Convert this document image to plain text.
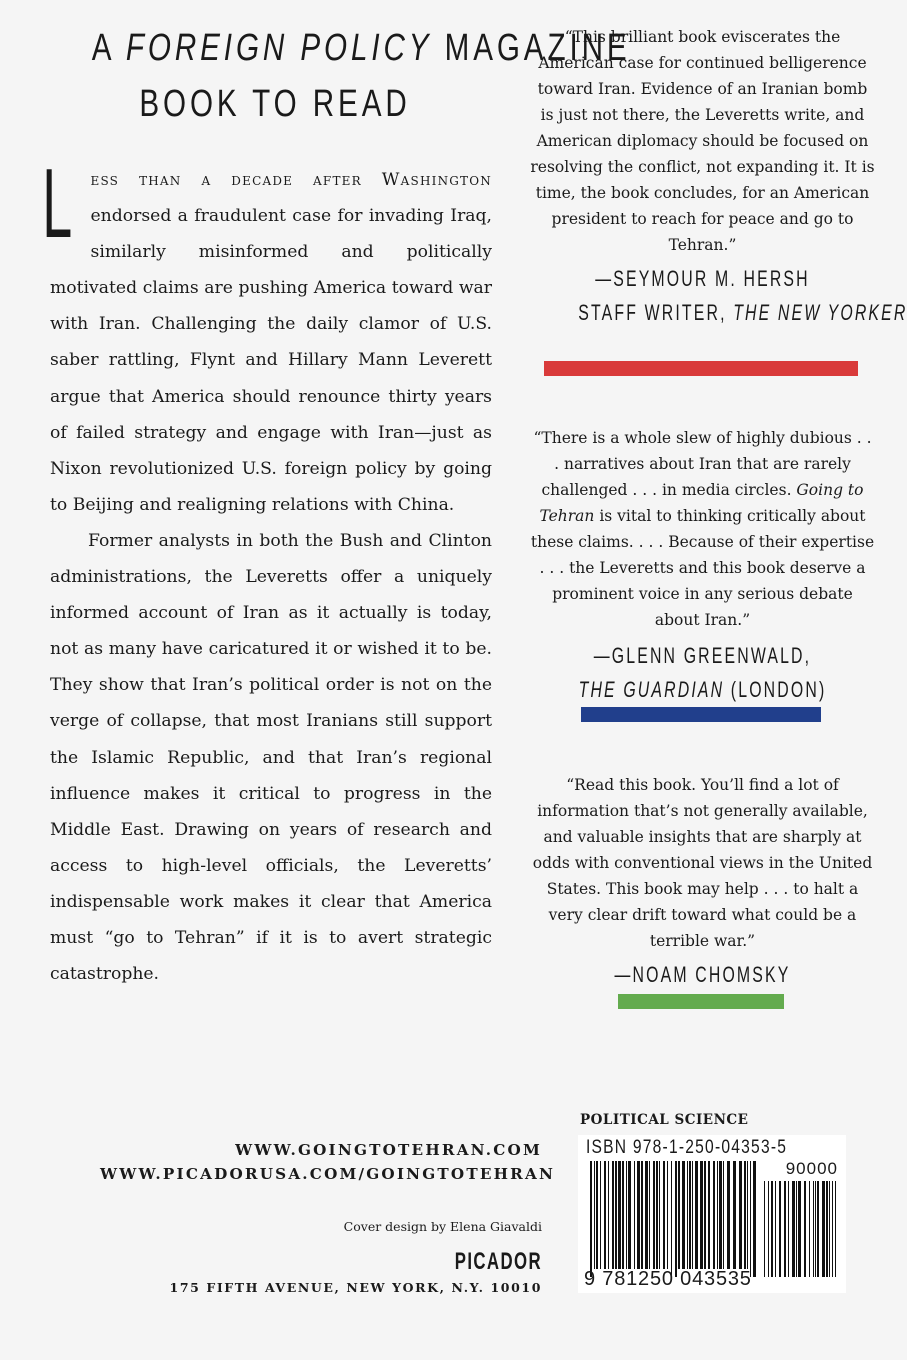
A FOREIGN POLICY MAGAZINE
BOOK TO READ

L ess than a decade after Washington endorsed a fraudulent case for invading Iraq, similarly misinformed and politically motivated claims are pushing America toward war with Iran. Challenging the daily clamor of U.S. saber rattling, Flynt and Hillary Mann Leverett argue that America should renounce thirty years of failed strategy and engage with Iran—just as Nixon revolutionized U.S. foreign policy by going to Beijing and realigning relations with China.

Former analysts in both the Bush and Clinton administrations, the Leveretts offer a uniquely informed account of Iran as it actually is today, not as many have caricatured it or wished it to be. They show that Iran’s political order is not on the verge of collapse, that most Iranians still support the Islamic Republic, and that Iran’s regional influence makes it critical to progress in the Middle East. Drawing on years of research and access to high-level officials, the Leveretts’ indispensable work makes it clear that America must “go to Tehran” if it is to avert strategic catastrophe.

“This brilliant book eviscerates the American case for continued belligerence toward Iran. Evidence of an Iranian bomb is just not there, the Leveretts write, and American diplomacy should be focused on resolving the conflict, not expanding it. It is time, the book concludes, for an American president to reach for peace and go to Tehran.”
—SEYMOUR M. HERSH
STAFF WRITER, THE NEW YORKER
“There is a whole slew of highly dubious . . . narratives about Iran that are rarely challenged . . . in media circles. Going to Tehran is vital to thinking critically about these claims. . . . Because of their expertise . . . the Leveretts and this book deserve a prominent voice in any serious debate about Iran.”
—GLENN GREENWALD,
THE GUARDIAN (LONDON)
“Read this book. You’ll find a lot of information that’s not generally available, and valuable insights that are sharply at odds with conventional views in the United States. This book may help . . . to halt a very clear drift toward what could be a terrible war.”
—NOAM CHOMSKY
WWW.GOINGTOTEHRAN.COM
WWW.PICADORUSA.COM/GOINGTOTEHRAN
Cover design by Elena Giavaldi
PICADOR
175 FIFTH AVENUE, NEW YORK, N.Y. 10010
POLITICAL SCIENCE
ISBN 978-1-250-04353-5
90000
9 781250 043535
